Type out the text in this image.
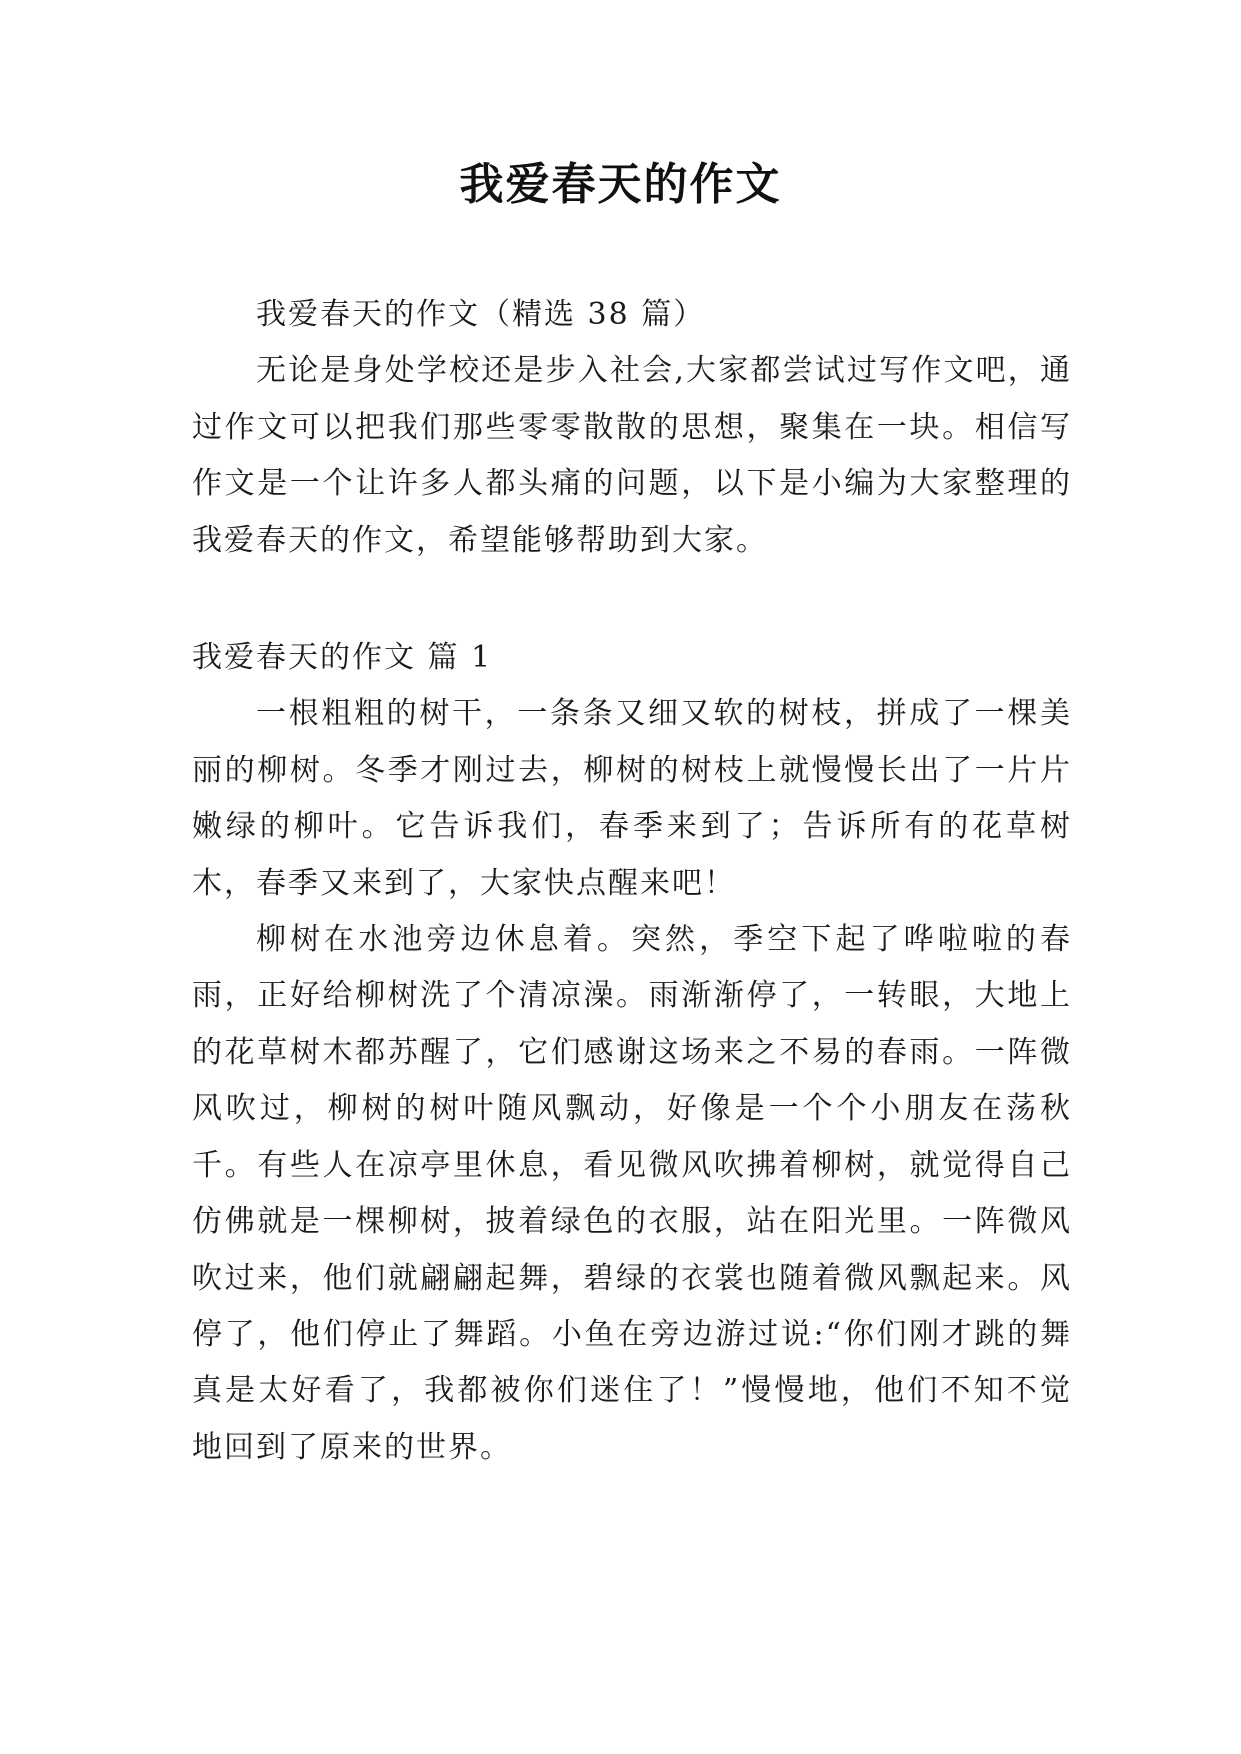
我爱春天的作文

我爱春天的作文（精选 38 篇）

无论是身处学校还是步入社会,大家都尝试过写作文吧，通过作文可以把我们那些零零散散的思想，聚集在一块。相信写作文是一个让许多人都头痛的问题，以下是小编为大家整理的我爱春天的作文，希望能够帮助到大家。

我爱春天的作文 篇 1

一根粗粗的树干，一条条又细又软的树枝，拼成了一棵美丽的柳树。冬季才刚过去，柳树的树枝上就慢慢长出了一片片嫩绿的柳叶。它告诉我们，春季来到了；告诉所有的花草树木，春季又来到了，大家快点醒来吧！

柳树在水池旁边休息着。突然，季空下起了哗啦啦的春雨，正好给柳树洗了个清凉澡。雨渐渐停了，一转眼，大地上的花草树木都苏醒了，它们感谢这场来之不易的春雨。一阵微风吹过，柳树的树叶随风飘动，好像是一个个小朋友在荡秋千。有些人在凉亭里休息，看见微风吹拂着柳树，就觉得自己仿佛就是一棵柳树，披着绿色的衣服，站在阳光里。一阵微风吹过来，他们就翩翩起舞，碧绿的衣裳也随着微风飘起来。风停了，他们停止了舞蹈。小鱼在旁边游过说:“你们刚才跳的舞真是太好看了，我都被你们迷住了！”慢慢地，他们不知不觉地回到了原来的世界。
